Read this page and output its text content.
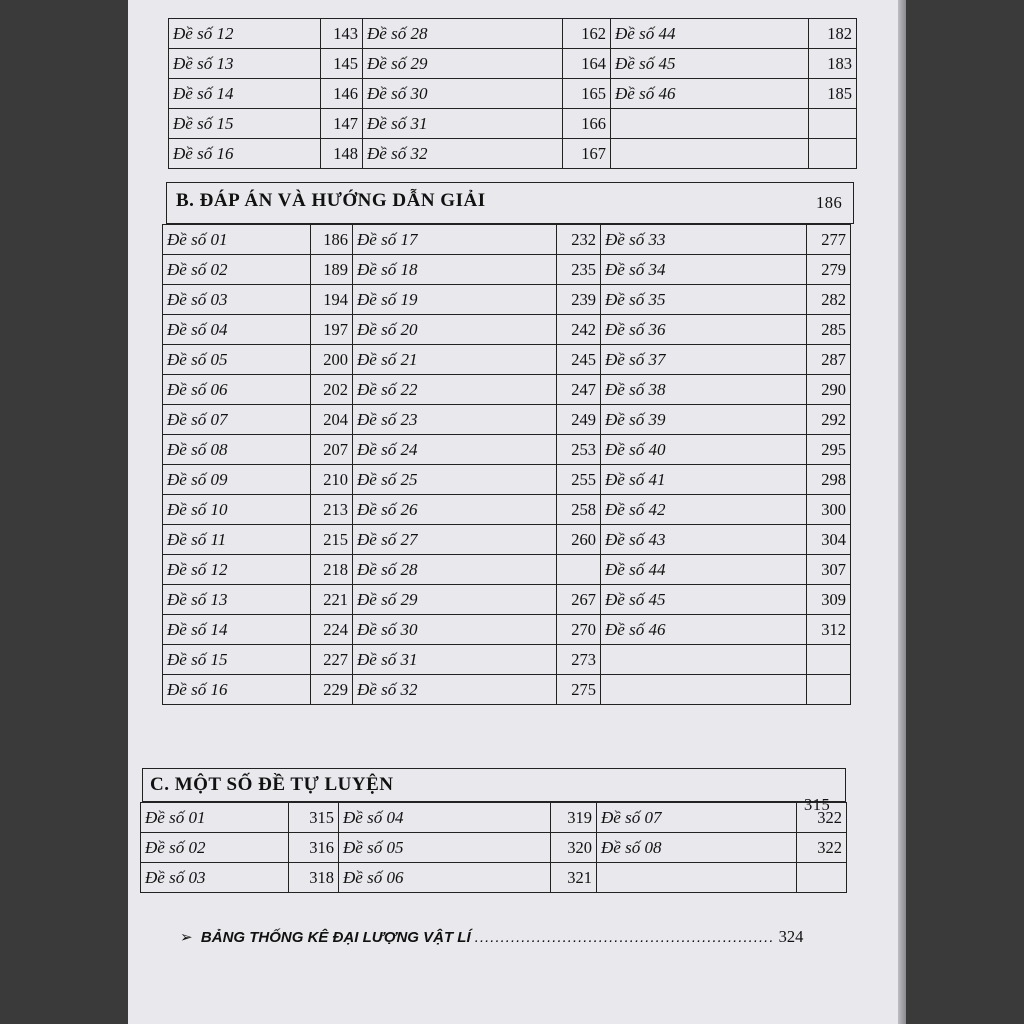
Đề số 12	143	Đề số 28	162	Đề số 44	182
Đề số 13	145	Đề số 29	164	Đề số 45	183
Đề số 14	146	Đề số 30	165	Đề số 46	185
Đề số 15	147	Đề số 31	166		
Đề số 16	148	Đề số 32	167		
B. ĐÁP ÁN VÀ HƯỚNG DẪN GIẢI	186
Đề số 01	186	Đề số 17	232	Đề số 33	277
Đề số 02	189	Đề số 18	235	Đề số 34	279
Đề số 03	194	Đề số 19	239	Đề số 35	282
Đề số 04	197	Đề số 20	242	Đề số 36	285
Đề số 05	200	Đề số 21	245	Đề số 37	287
Đề số 06	202	Đề số 22	247	Đề số 38	290
Đề số 07	204	Đề số 23	249	Đề số 39	292
Đề số 08	207	Đề số 24	253	Đề số 40	295
Đề số 09	210	Đề số 25	255	Đề số 41	298
Đề số 10	213	Đề số 26	258	Đề số 42	300
Đề số 11	215	Đề số 27	260	Đề số 43	304
Đề số 12	218	Đề số 28		Đề số 44	307
Đề số 13	221	Đề số 29	267	Đề số 45	309
Đề số 14	224	Đề số 30	270	Đề số 46	312
Đề số 15	227	Đề số 31	273		
Đề số 16	229	Đề số 32	275		
C. MỘT SỐ ĐỀ TỰ LUYỆN
315
Đề số 01	315	Đề số 04	319	Đề số 07	322
Đề số 02	316	Đề số 05	320	Đề số 08	322
Đề số 03	318	Đề số 06	321		
➢ BẢNG THỐNG KÊ ĐẠI LƯỢNG VẬT LÍ .......................................................... 324
